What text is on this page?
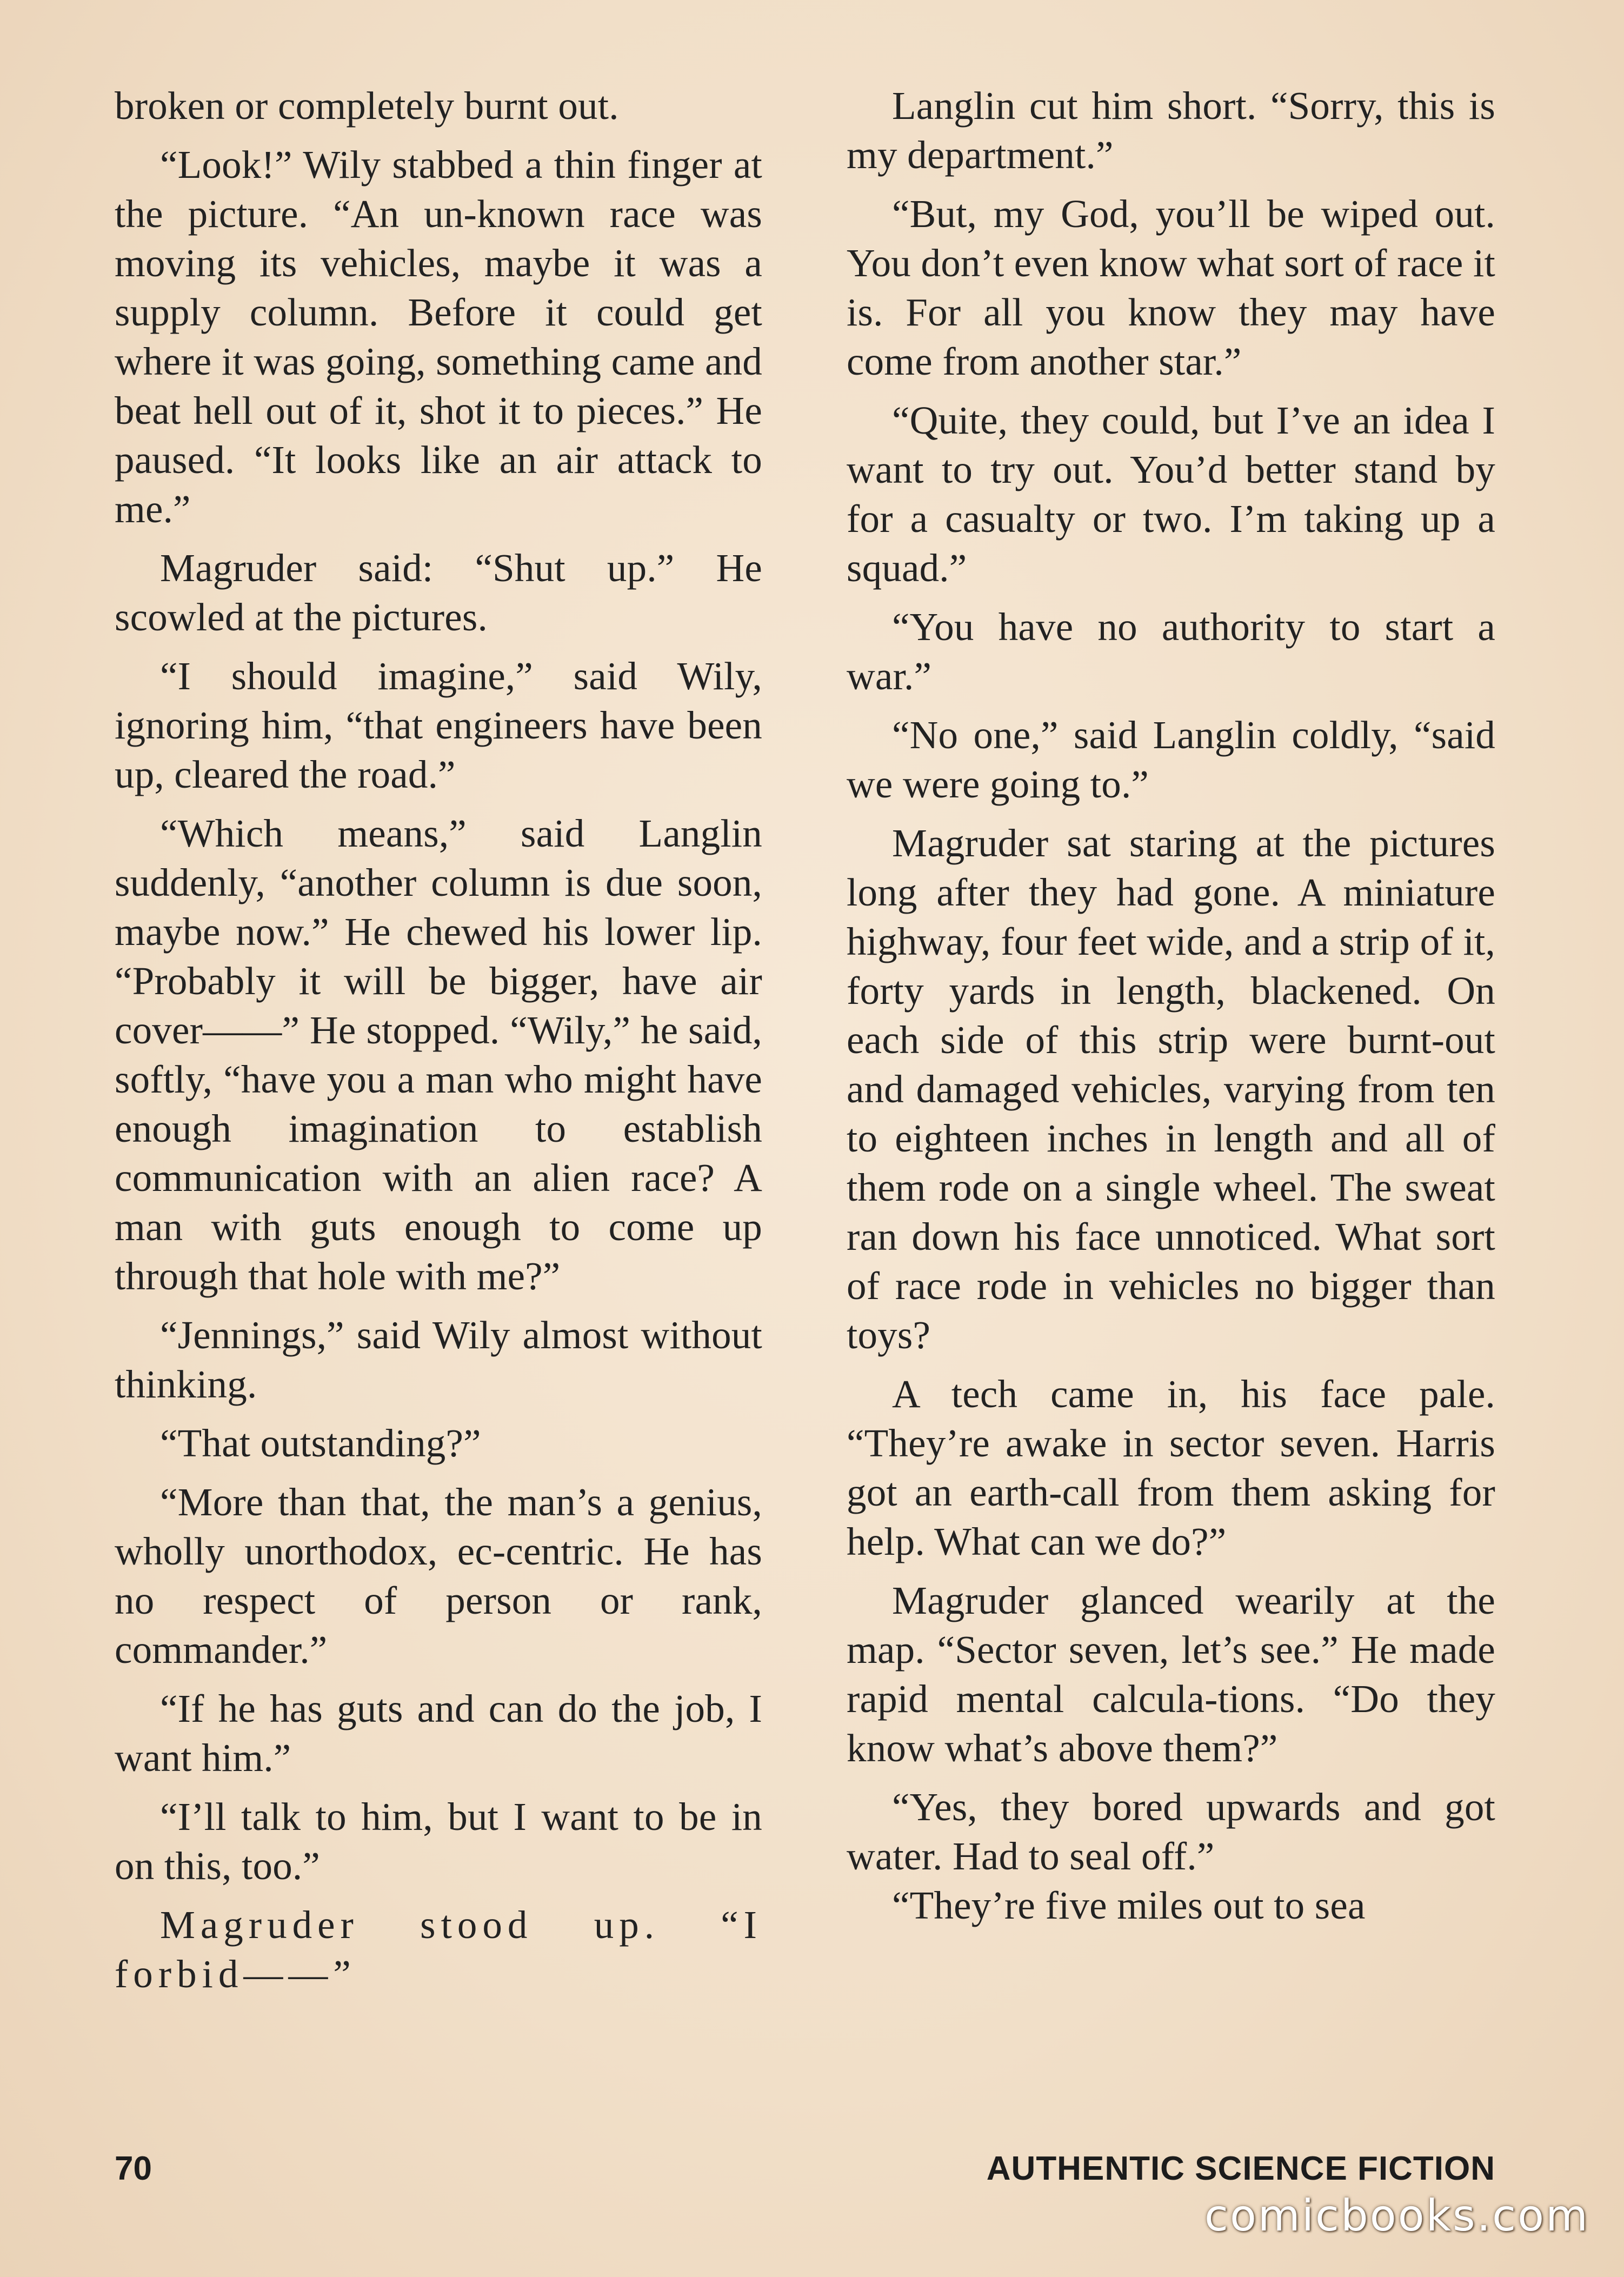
broken or completely burnt out.

“Look!” Wily stabbed a thin finger at the picture. “An un-known race was moving its vehicles, maybe it was a supply column. Before it could get where it was going, something came and beat hell out of it, shot it to pieces.” He paused. “It looks like an air attack to me.”

Magruder said: “Shut up.” He scowled at the pictures.

“I should imagine,” said Wily, ignoring him, “that engineers have been up, cleared the road.”

“Which means,” said Langlin suddenly, “another column is due soon, maybe now.” He chewed his lower lip. “Probably it will be bigger, have air cover——” He stopped. “Wily,” he said, softly, “have you a man who might have enough imagination to establish communication with an alien race? A man with guts enough to come up through that hole with me?”

“Jennings,” said Wily almost without thinking.

“That outstanding?”

“More than that, the man’s a genius, wholly unorthodox, ec-centric. He has no respect of person or rank, commander.”

“If he has guts and can do the job, I want him.”

“I’ll talk to him, but I want to be in on this, too.”

Magruder stood up. “I forbid——”

Langlin cut him short. “Sorry, this is my department.”

“But, my God, you’ll be wiped out. You don’t even know what sort of race it is. For all you know they may have come from another star.”

“Quite, they could, but I’ve an idea I want to try out. You’d better stand by for a casualty or two. I’m taking up a squad.”

“You have no authority to start a war.”

“No one,” said Langlin coldly, “said we were going to.”

Magruder sat staring at the pictures long after they had gone. A miniature highway, four feet wide, and a strip of it, forty yards in length, blackened. On each side of this strip were burnt-out and damaged vehicles, varying from ten to eighteen inches in length and all of them rode on a single wheel. The sweat ran down his face unnoticed. What sort of race rode in vehicles no bigger than toys?

A tech came in, his face pale. “They’re awake in sector seven. Harris got an earth-call from them asking for help. What can we do?”

Magruder glanced wearily at the map. “Sector seven, let’s see.” He made rapid mental calcula-tions. “Do they know what’s above them?”

“Yes, they bored upwards and got water. Had to seal off.”

“They’re five miles out to sea

70	AUTHENTIC SCIENCE FICTION
comicbooks.com
